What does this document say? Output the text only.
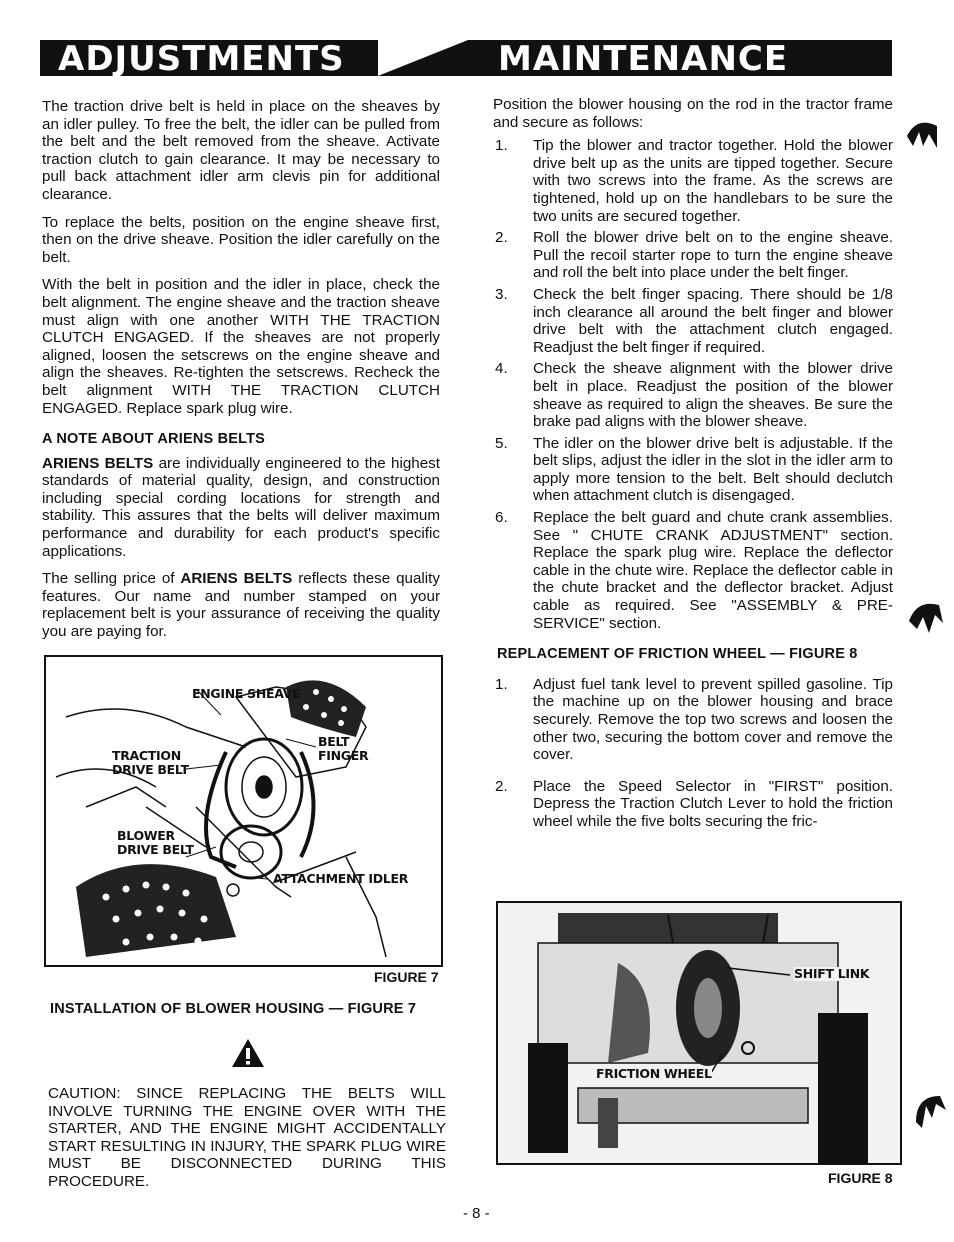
ADJUSTMENTS	MAINTENANCE

The traction drive belt is held in place on the sheaves by an idler pulley. To free the belt, the idler can be pulled from the belt and the belt removed from the sheave. Activate traction clutch to gain clearance. It may be necessary to pull back attachment idler arm clevis pin for additional clearance.

To replace the belts, position on the engine sheave first, then on the drive sheave. Position the idler carefully on the belt.

With the belt in position and the idler in place, check the belt alignment. The engine sheave and the traction sheave must align with one another WITH THE TRACTION CLUTCH ENGAGED. If the sheaves are not properly aligned, loosen the setscrews on the engine sheave and align the sheaves. Re-tighten the setscrews. Recheck the belt alignment WITH THE TRACTION CLUTCH ENGAGED. Replace spark plug wire.

A NOTE ABOUT ARIENS BELTS

ARIENS BELTS are individually engineered to the highest standards of material quality, design, and construction including special cording locations for strength and stability. This assures that the belts will deliver maximum performance and durability for each product's specific applications.

The selling price of ARIENS BELTS reflects these quality features. Our name and number stamped on your replacement belt is your assurance of receiving the quality you are paying for.

ENGINE SHEAVE
BELT FINGER
TRACTION DRIVE BELT
BLOWER DRIVE BELT
ATTACHMENT IDLER
FIGURE 7
INSTALLATION OF BLOWER HOUSING — FIGURE 7
CAUTION: SINCE REPLACING THE BELTS WILL INVOLVE TURNING THE ENGINE OVER WITH THE STARTER, AND THE ENGINE MIGHT ACCIDENTALLY START RESULTING IN INJURY, THE SPARK PLUG WIRE MUST BE DISCONNECTED DURING THIS PROCEDURE.

Position the blower housing on the rod in the tractor frame and secure as follows:

1. Tip the blower and tractor together. Hold the blower drive belt up as the units are tipped together. Secure with two screws into the frame. As the screws are tightened, hold up on the handlebars to be sure the two units are secured together.
2. Roll the blower drive belt on to the engine sheave. Pull the recoil starter rope to turn the engine sheave and roll the belt into place under the belt finger.
3. Check the belt finger spacing. There should be 1/8 inch clearance all around the belt finger and blower drive belt with the attachment clutch engaged. Readjust the belt finger if required.
4. Check the sheave alignment with the blower drive belt in place. Readjust the position of the blower sheave as required to align the sheaves. Be sure the brake pad aligns with the blower sheave.
5. The idler on the blower drive belt is adjustable. If the belt slips, adjust the idler in the slot in the idler arm to apply more tension to the belt. Belt should declutch when attachment clutch is disengaged.
6. Replace the belt guard and chute crank assemblies. See " CHUTE CRANK ADJUSTMENT" section. Replace the spark plug wire. Replace the deflector cable in the chute wire. Replace the deflector cable in the chute bracket and the deflector bracket. Adjust cable as required. See "ASSEMBLY & PRE-SERVICE" section.

REPLACEMENT OF FRICTION WHEEL — FIGURE 8

1. Adjust fuel tank level to prevent spilled gasoline. Tip the machine up on the blower housing and brace securely. Remove the top two screws and loosen the other two, securing the bottom cover and remove the cover.
2. Place the Speed Selector in "FIRST" position. Depress the Traction Clutch Lever to hold the friction wheel while the five bolts securing the fric-
SHIFT LINK
FRICTION WHEEL
FIGURE 8
- 8 -
